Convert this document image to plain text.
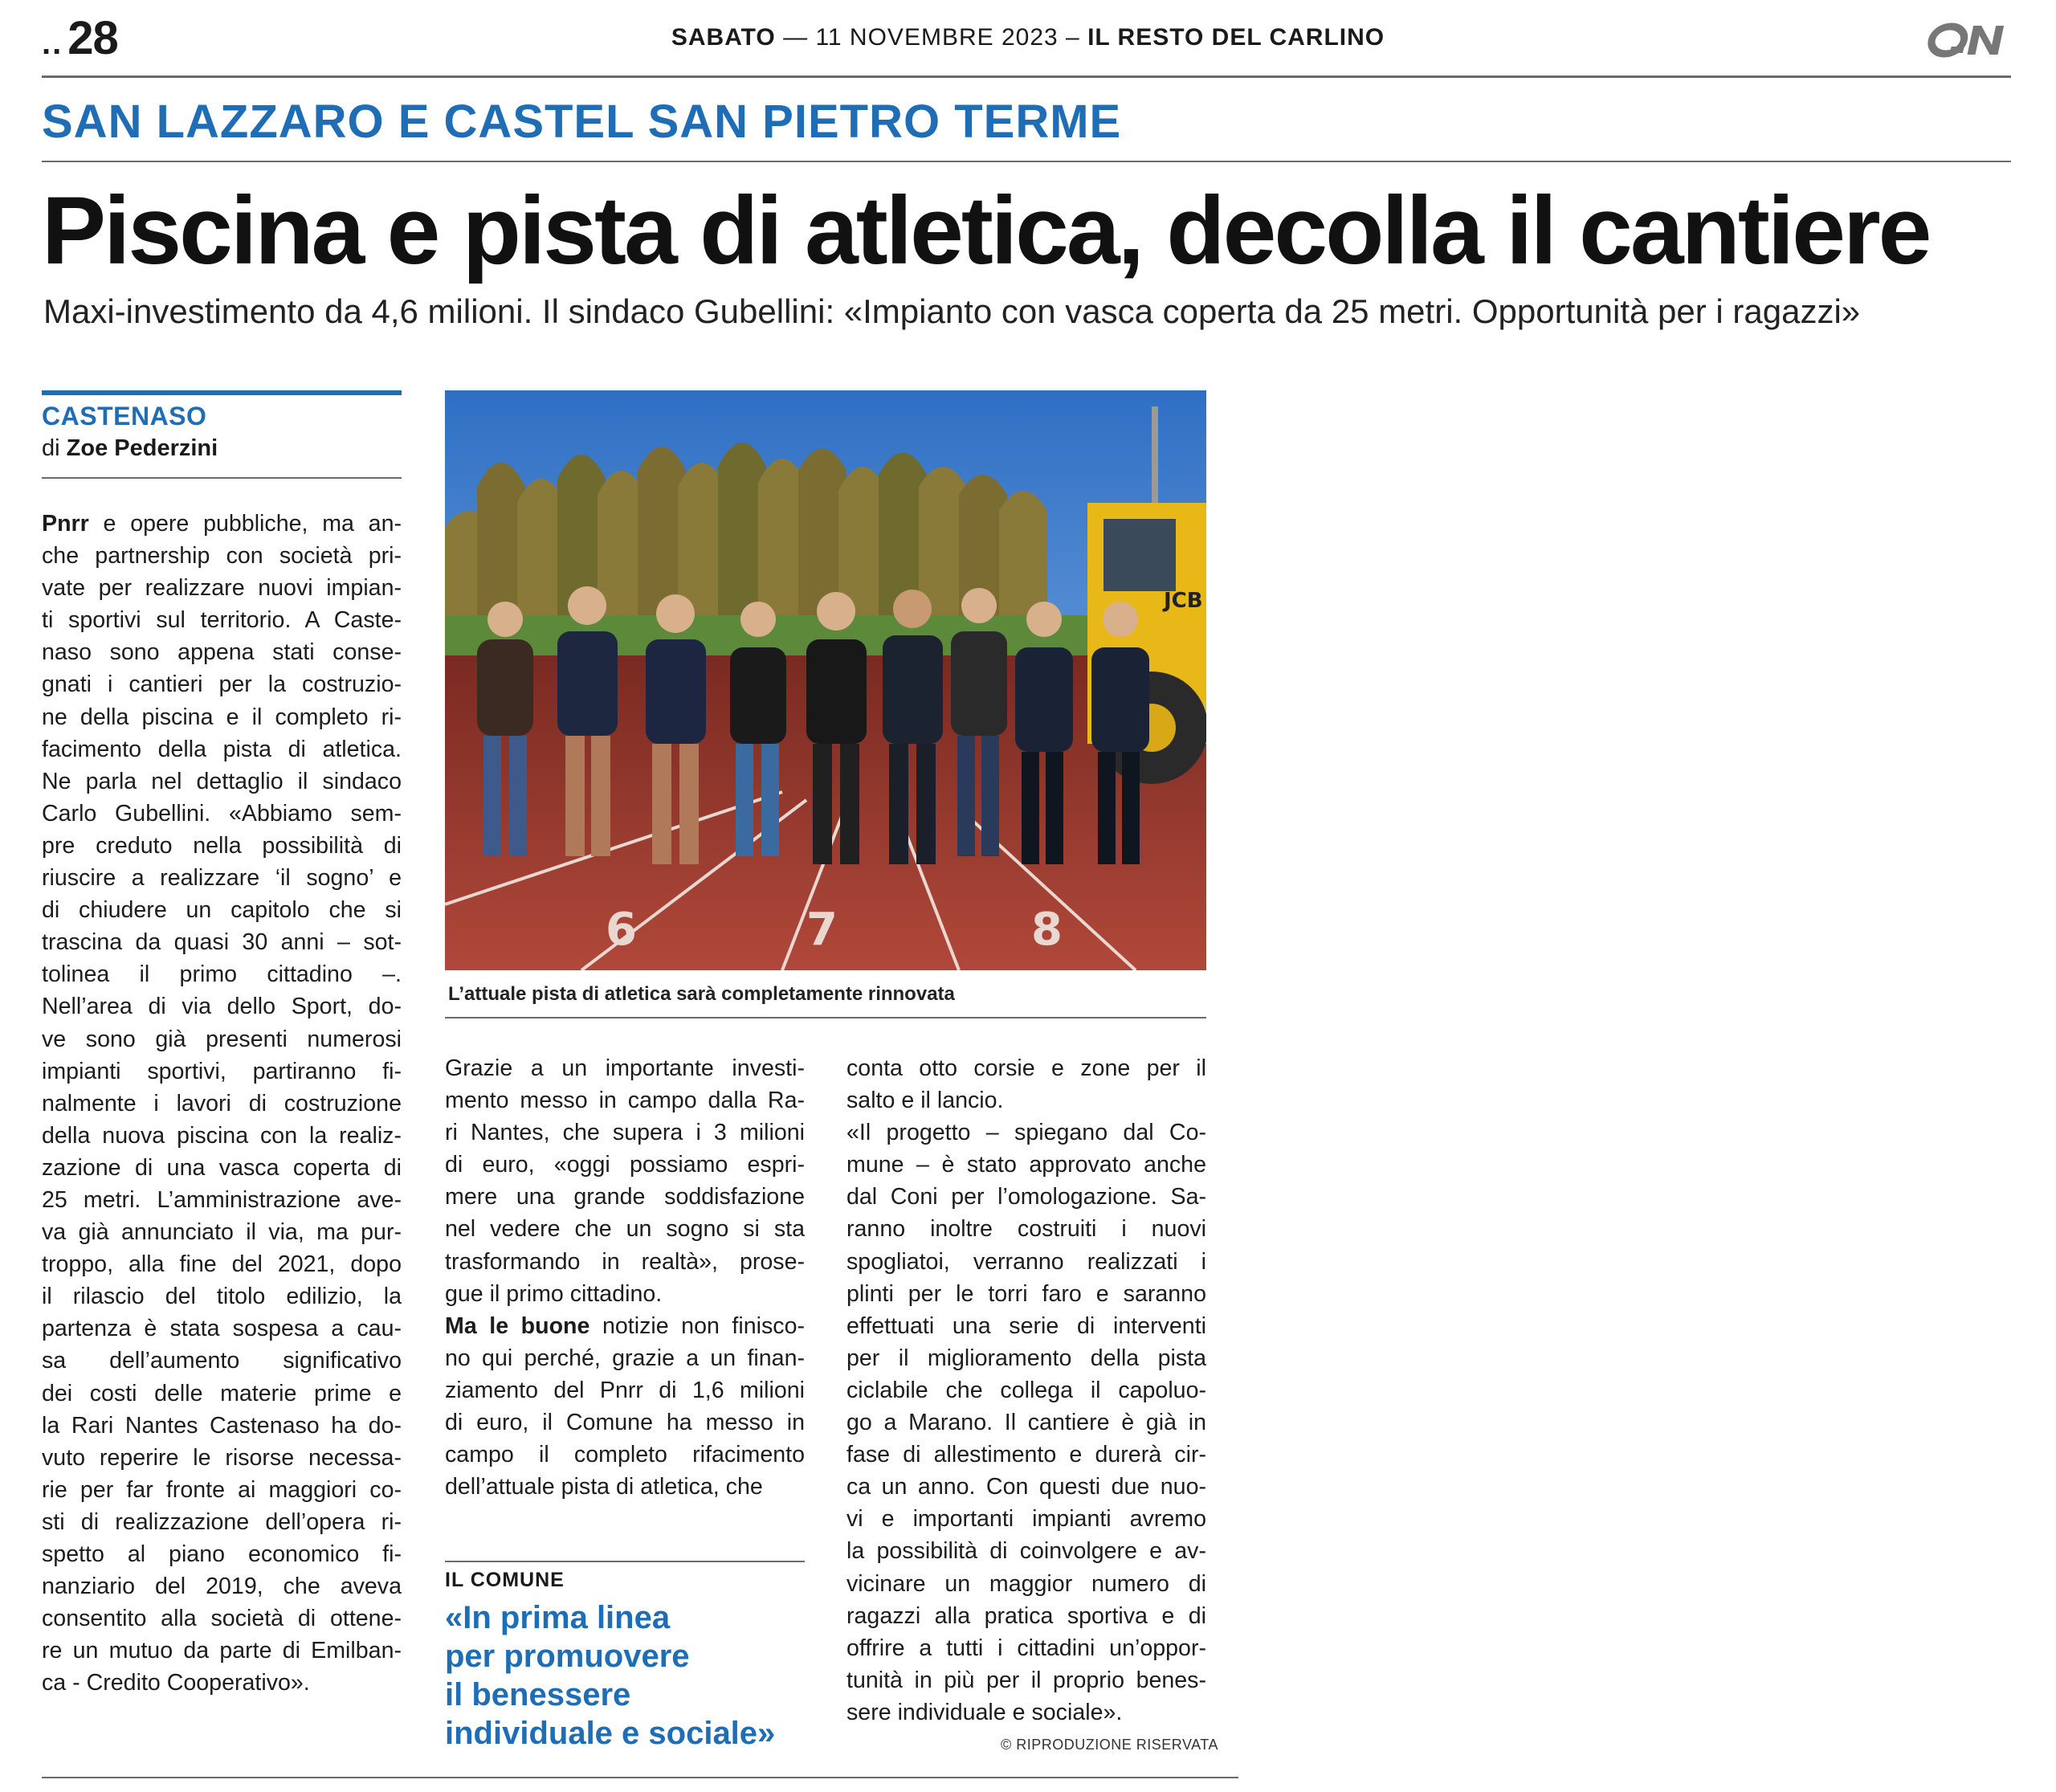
.. 28	SABATO — 11 NOVEMBRE 2023 – IL RESTO DEL CARLINO
QN
SAN LAZZARO E CASTEL SAN PIETRO TERME
Piscina e pista di atletica, decolla il cantiere
Maxi-investimento da 4,6 milioni. Il sindaco Gubellini: «Impianto con vasca coperta da 25 metri. Opportunità per i ragazzi»
CASTENASO
di Zoe Pederzini
Pnrr e opere pubbliche, ma an-
che partnership con società pri-
vate per realizzare nuovi impian-
ti sportivi sul territorio. A Caste-
naso sono appena stati conse-
gnati i cantieri per la costruzio-
ne della piscina e il completo ri-
facimento della pista di atletica.
Ne parla nel dettaglio il sindaco
Carlo Gubellini. «Abbiamo sem-
pre creduto nella possibilità di
riuscire a realizzare ‘il sogno’ e
di chiudere un capitolo che si
trascina da quasi 30 anni – sot-
tolinea il primo cittadino –.
Nell’area di via dello Sport, do-
ve sono già presenti numerosi
impianti sportivi, partiranno fi-
nalmente i lavori di costruzione
della nuova piscina con la realiz-
zazione di una vasca coperta di
25 metri. L’amministrazione ave-
va già annunciato il via, ma pur-
troppo, alla fine del 2021, dopo
il rilascio del titolo edilizio, la
partenza è stata sospesa a cau-
sa dell’aumento significativo
dei costi delle materie prime e
la Rari Nantes Castenaso ha do-
vuto reperire le risorse necessa-
rie per far fronte ai maggiori co-
sti di realizzazione dell’opera ri-
spetto al piano economico fi-
nanziario del 2019, che aveva
consentito alla società di ottene-
re un mutuo da parte di Emilban-
ca - Credito Cooperativo».
6	7	8
JCB
L’attuale pista di atletica sarà completamente rinnovata
Grazie a un importante investi-
mento messo in campo dalla Ra-
ri Nantes, che supera i 3 milioni
di euro, «oggi possiamo espri-
mere una grande soddisfazione
nel vedere che un sogno si sta
trasformando in realtà», prose-
gue il primo cittadino.
Ma le buone notizie non finisco-
no qui perché, grazie a un finan-
ziamento del Pnrr di 1,6 milioni
di euro, il Comune ha messo in
campo il completo rifacimento
dell’attuale pista di atletica, che
IL COMUNE
«In prima linea
per promuovere
il benessere
individuale e sociale»
conta otto corsie e zone per il
salto e il lancio.
«Il progetto – spiegano dal Co-
mune – è stato approvato anche
dal Coni per l’omologazione. Sa-
ranno inoltre costruiti i nuovi
spogliatoi, verranno realizzati i
plinti per le torri faro e saranno
effettuati una serie di interventi
per il miglioramento della pista
ciclabile che collega il capoluo-
go a Marano. Il cantiere è già in
fase di allestimento e durerà cir-
ca un anno. Con questi due nuo-
vi e importanti impianti avremo
la possibilità di coinvolgere e av-
vicinare un maggior numero di
ragazzi alla pratica sportiva e di
offrire a tutti i cittadini un’oppor-
tunità in più per il proprio benes-
sere individuale e sociale».
© RIPRODUZIONE RISERVATA
